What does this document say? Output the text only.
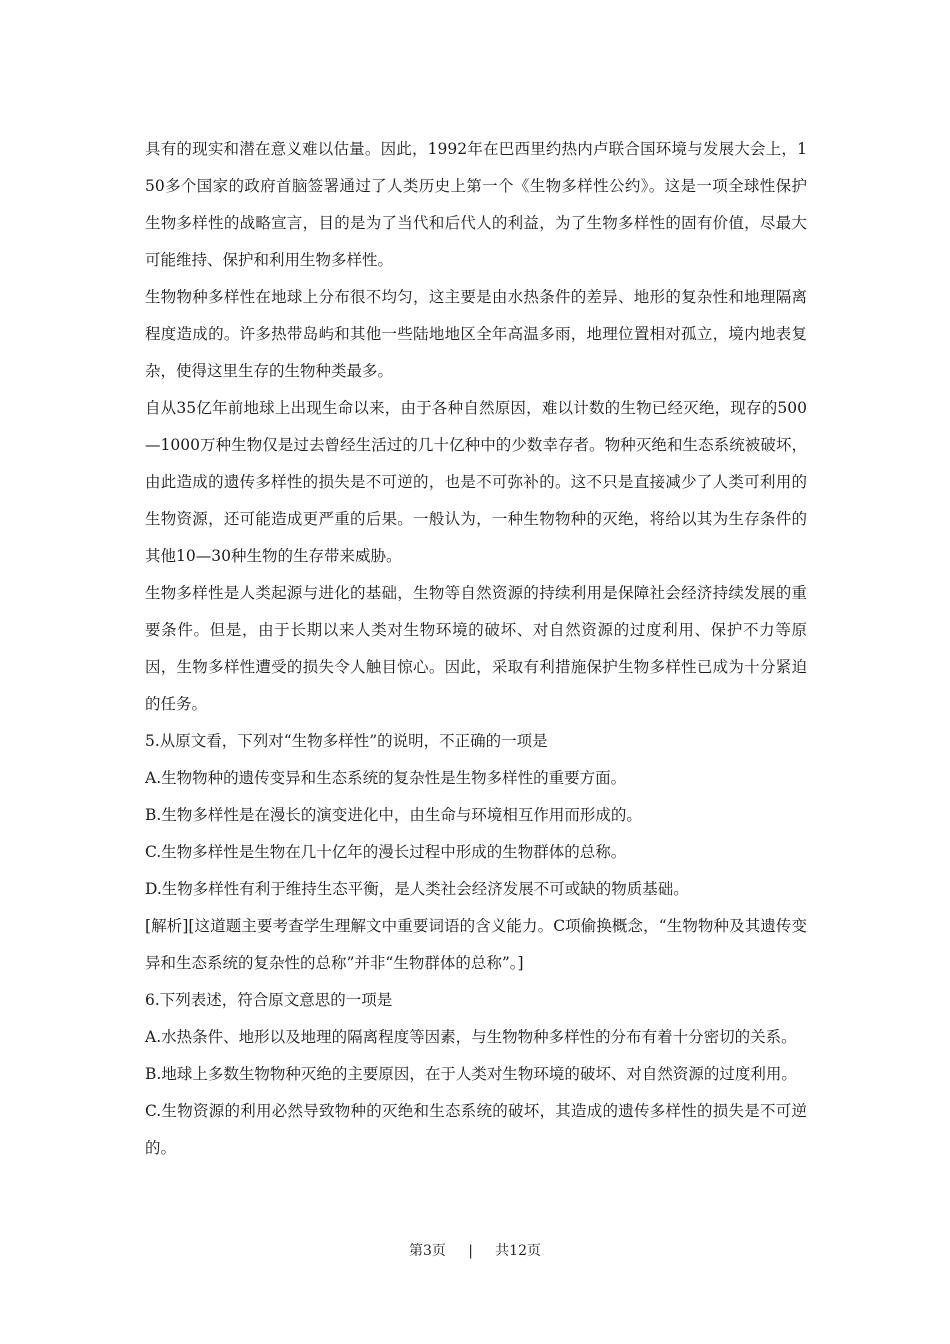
具有的现实和潜在意义难以估量。因此，1992年在巴西里约热内卢联合国环境与发展大会上，150多个国家的政府首脑签署通过了人类历史上第一个《生物多样性公约》。这是一项全球性保护生物多样性的战略宣言，目的是为了当代和后代人的利益，为了生物多样性的固有价值，尽最大可能维持、保护和利用生物多样性。

生物物种多样性在地球上分布很不均匀，这主要是由水热条件的差异、地形的复杂性和地理隔离程度造成的。许多热带岛屿和其他一些陆地地区全年高温多雨，地理位置相对孤立，境内地表复杂，使得这里生存的生物种类最多。

自从35亿年前地球上出现生命以来，由于各种自然原因，难以计数的生物已经灭绝，现存的500—1000万种生物仅是过去曾经生活过的几十亿种中的少数幸存者。物种灭绝和生态系统被破坏，由此造成的遗传多样性的损失是不可逆的，也是不可弥补的。这不只是直接减少了人类可利用的生物资源，还可能造成更严重的后果。一般认为，一种生物物种的灭绝，将给以其为生存条件的其他10—30种生物的生存带来威胁。

生物多样性是人类起源与进化的基础，生物等自然资源的持续利用是保障社会经济持续发展的重要条件。但是，由于长期以来人类对生物环境的破坏、对自然资源的过度利用、保护不力等原因，生物多样性遭受的损失令人触目惊心。因此，采取有利措施保护生物多样性已成为十分紧迫的任务。

5.从原文看，下列对“生物多样性”的说明，不正确的一项是

A.生物物种的遗传变异和生态系统的复杂性是生物多样性的重要方面。

B.生物多样性是在漫长的演变进化中，由生命与环境相互作用而形成的。

C.生物多样性是生物在几十亿年的漫长过程中形成的生物群体的总称。

D.生物多样性有利于维持生态平衡，是人类社会经济发展不可或缺的物质基础。

[解析][这道题主要考查学生理解文中重要词语的含义能力。C项偷换概念，“生物物种及其遗传变异和生态系统的复杂性的总称”并非“生物群体的总称”。]

6.下列表述，符合原文意思的一项是

A.水热条件、地形以及地理的隔离程度等因素，与生物物种多样性的分布有着十分密切的关系。

B.地球上多数生物物种灭绝的主要原因，在于人类对生物环境的破坏、对自然资源的过度利用。

C.生物资源的利用必然导致物种的灭绝和生态系统的破坏，其造成的遗传多样性的损失是不可逆的。

第3页 | 共12页
